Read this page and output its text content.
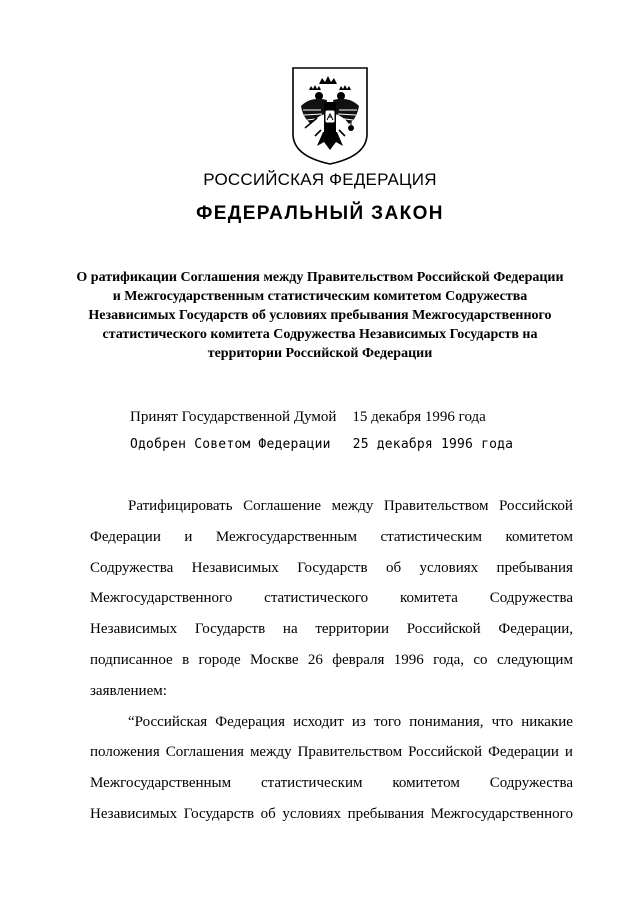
РОССИЙСКАЯ ФЕДЕРАЦИЯ
ФЕДЕРАЛЬНЫЙ ЗАКОН
О ратификации Соглашения между Правительством Российской Федерации
и Межгосударственным статистическим комитетом Содружества
Независимых Государств об условиях пребывания Межгосударственного
статистического комитета Содружества Независимых Государств на
территории Российской Федерации
Принят Государственной Думой 15 декабря 1996 года
Одобрен Советом Федерации 25 декабря 1996 года
Ратифицировать Соглашение между Правительством Российской
Федерации и Межгосударственным статистическим комитетом
Содружества Независимых Государств об условиях пребывания
Межгосударственного статистического комитета Содружества
Независимых Государств на территории Российской Федерации,
подписанное в городе Москве 26 февраля 1996 года, со следующим
заявлением:
“Российская Федерация исходит из того понимания, что никакие
положения Соглашения между Правительством Российской Федерации и
Межгосударственным статистическим комитетом Содружества
Независимых Государств об условиях пребывания Межгосударственного
